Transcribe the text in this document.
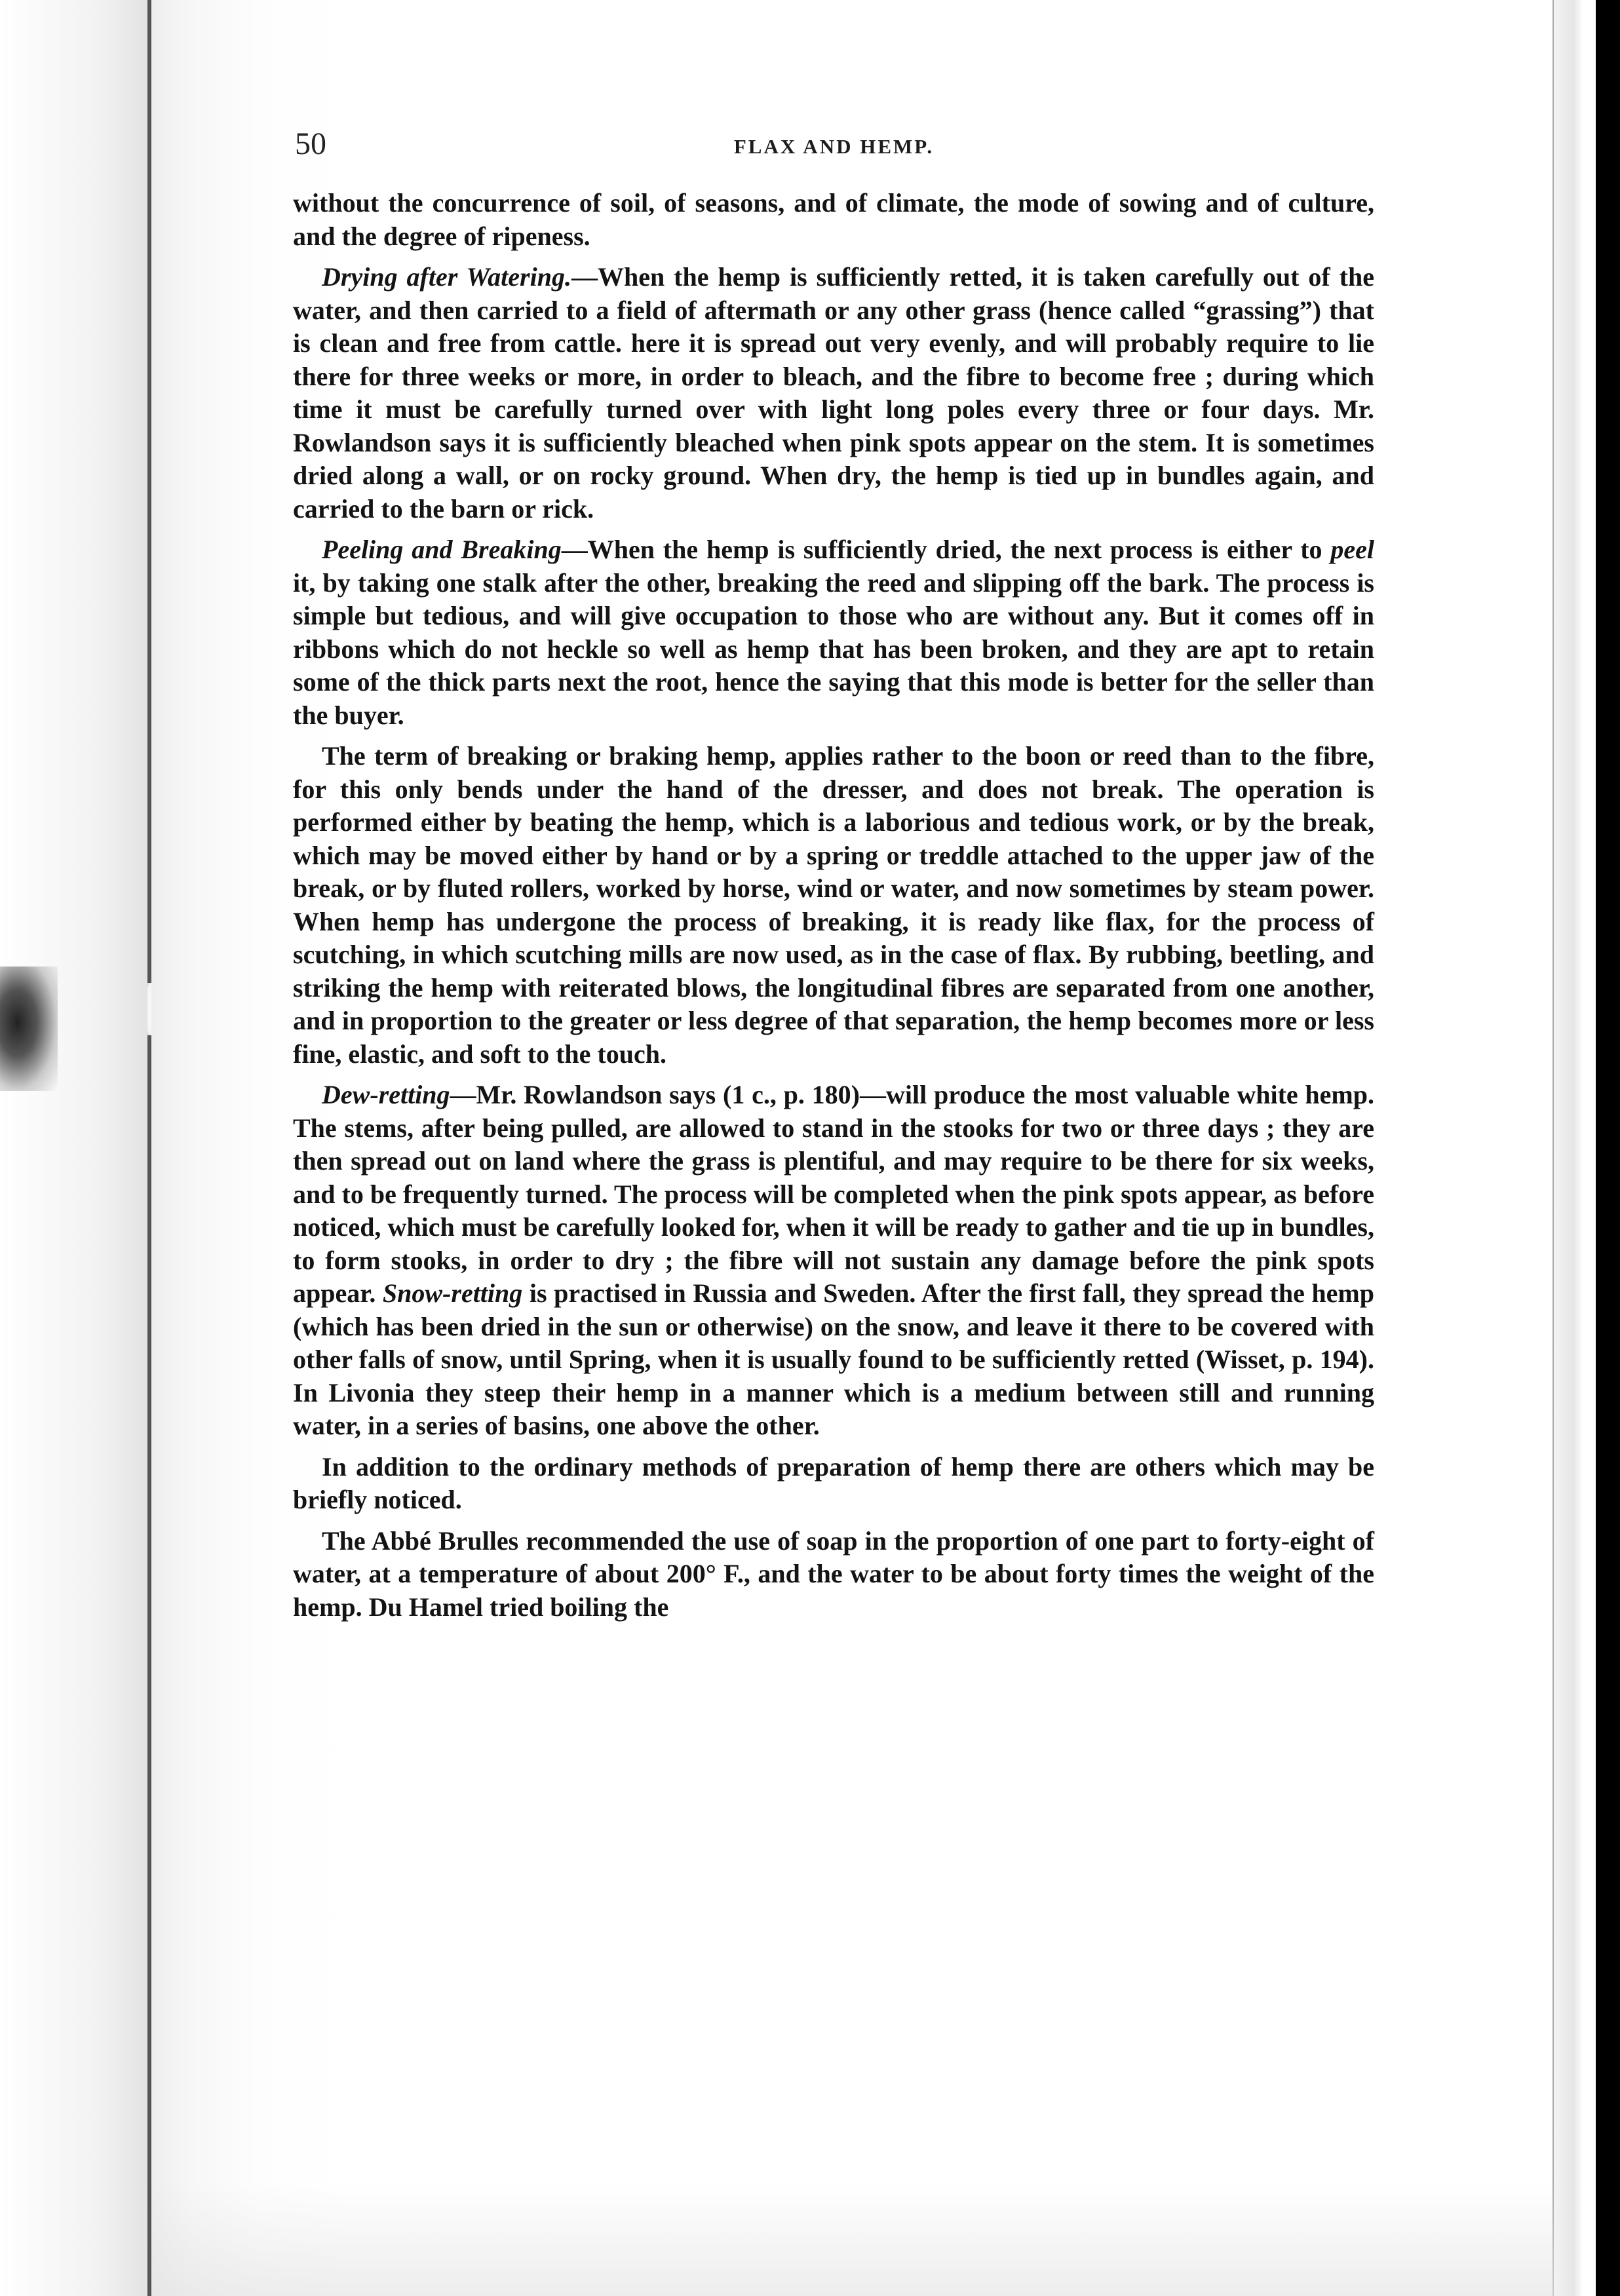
50	FLAX AND HEMP.

without the concurrence of soil, of seasons, and of climate, the mode of sowing and of culture, and the degree of ripeness.

Drying after Watering.—When the hemp is sufficiently retted, it is taken carefully out of the water, and then carried to a field of aftermath or any other grass (hence called “grassing”) that is clean and free from cattle. here it is spread out very evenly, and will probably require to lie there for three weeks or more, in order to bleach, and the fibre to become free ; during which time it must be carefully turned over with light long poles every three or four days. Mr. Rowlandson says it is sufficiently bleached when pink spots appear on the stem. It is sometimes dried along a wall, or on rocky ground. When dry, the hemp is tied up in bundles again, and carried to the barn or rick.

Peeling and Breaking—When the hemp is sufficiently dried, the next process is either to peel it, by taking one stalk after the other, breaking the reed and slipping off the bark. The process is simple but tedious, and will give occupation to those who are without any. But it comes off in ribbons which do not heckle so well as hemp that has been broken, and they are apt to retain some of the thick parts next the root, hence the saying that this mode is better for the seller than the buyer.

The term of breaking or braking hemp, applies rather to the boon or reed than to the fibre, for this only bends under the hand of the dresser, and does not break. The operation is performed either by beating the hemp, which is a laborious and tedious work, or by the break, which may be moved either by hand or by a spring or treddle attached to the upper jaw of the break, or by fluted rollers, worked by horse, wind or water, and now sometimes by steam power. When hemp has undergone the process of breaking, it is ready like flax, for the process of scutching, in which scutching mills are now used, as in the case of flax. By rubbing, beetling, and striking the hemp with reiterated blows, the longitudinal fibres are separated from one another, and in proportion to the greater or less degree of that separation, the hemp becomes more or less fine, elastic, and soft to the touch.

Dew-retting—Mr. Rowlandson says (1 c., p. 180)—will produce the most valuable white hemp. The stems, after being pulled, are allowed to stand in the stooks for two or three days ; they are then spread out on land where the grass is plentiful, and may require to be there for six weeks, and to be frequently turned. The process will be completed when the pink spots appear, as before noticed, which must be carefully looked for, when it will be ready to gather and tie up in bundles, to form stooks, in order to dry ; the fibre will not sustain any damage before the pink spots appear. Snow-retting is practised in Russia and Sweden. After the first fall, they spread the hemp (which has been dried in the sun or otherwise) on the snow, and leave it there to be covered with other falls of snow, until Spring, when it is usually found to be sufficiently retted (Wisset, p. 194). In Livonia they steep their hemp in a manner which is a medium between still and running water, in a series of basins, one above the other.

In addition to the ordinary methods of preparation of hemp there are others which may be briefly noticed.

The Abbé Brulles recommended the use of soap in the proportion of one part to forty-eight of water, at a temperature of about 200° F., and the water to be about forty times the weight of the hemp. Du Hamel tried boiling the
